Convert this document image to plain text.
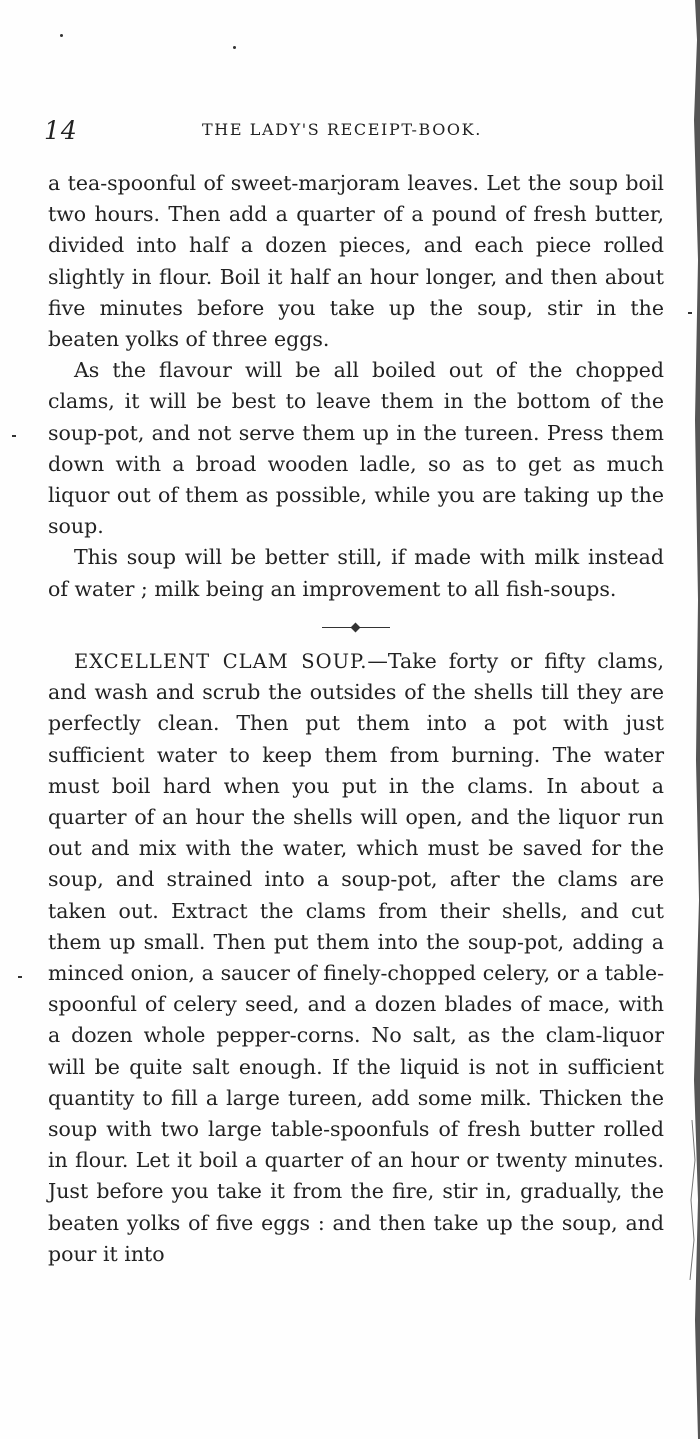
14	THE LADY'S RECEIPT-BOOK.

a tea-spoonful of sweet-marjoram leaves. Let the soup boil two hours. Then add a quarter of a pound of fresh butter, divided into half a dozen pieces, and each piece rolled slightly in flour. Boil it half an hour longer, and then about five minutes before you take up the soup, stir in the beaten yolks of three eggs.

As the flavour will be all boiled out of the chopped clams, it will be best to leave them in the bottom of the soup-pot, and not serve them up in the tureen. Press them down with a broad wooden ladle, so as to get as much liquor out of them as possible, while you are taking up the soup.

This soup will be better still, if made with milk instead of water ; milk being an improvement to all fish-soups.

EXCELLENT CLAM SOUP.—Take forty or fifty clams, and wash and scrub the outsides of the shells till they are perfectly clean. Then put them into a pot with just sufficient water to keep them from burning. The water must boil hard when you put in the clams. In about a quarter of an hour the shells will open, and the liquor run out and mix with the water, which must be saved for the soup, and strained into a soup-pot, after the clams are taken out. Extract the clams from their shells, and cut them up small. Then put them into the soup-pot, adding a minced onion, a saucer of finely-chopped celery, or a table-spoonful of celery seed, and a dozen blades of mace, with a dozen whole pepper-corns. No salt, as the clam-liquor will be quite salt enough. If the liquid is not in sufficient quantity to fill a large tureen, add some milk. Thicken the soup with two large table-spoonfuls of fresh butter rolled in flour. Let it boil a quarter of an hour or twenty minutes. Just before you take it from the fire, stir in, gradually, the beaten yolks of five eggs : and then take up the soup, and pour it into
